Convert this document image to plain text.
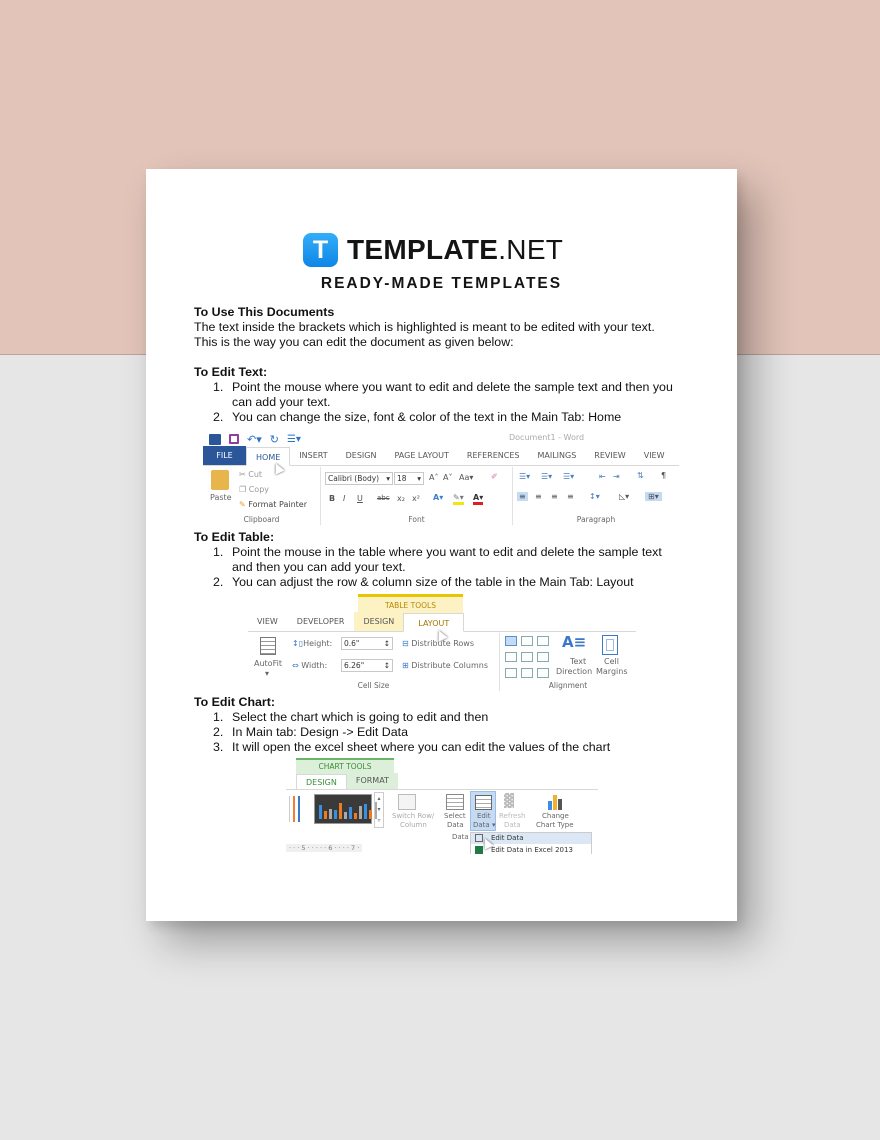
T TEMPLATE.NET
READY-MADE TEMPLATES
To Use This Documents
The text inside the brackets which is highlighted is meant to be edited with your text.
This is the way you can edit the document as given below:
To Edit Text:
1. Point the mouse where you want to edit and delete the sample text and then you
can add your text.
2. You can change the size, font & color of the text in the Main Tab: Home
↶▾ ↻ ☰▾	Document1 - Word
FILE	HOME	INSERT	DESIGN	PAGE LAYOUT	REFERENCES	MAILINGS	REVIEW	VIEW
Paste
✂ Cut
❐ Copy
✎ Format Painter
Clipboard
Calibri (Body) ▾ 18 ▾ A˄ A˅ Aa▾ ✐
B I U abc x₂ x² A▾ ✎▾ A▾
Font
☰▾ ☰▾ ☰▾	⇤ ⇥ ⇅ ¶
≡ ≡ ≡ ≡ ↕▾ ◺▾	⊞▾
Paragraph
To Edit Table:
1. Point the mouse in the table where you want to edit and delete the sample text
and then you can add your text.
2. You can adjust the row & column size of the table in the Main Tab: Layout
TABLE TOOLS
VIEW	DEVELOPER	DESIGN	LAYOUT
AutoFit
▾
↕▯Height:	0.6"	↕
⇔ Width:	6.26"	↕
⊟ Distribute Rows
⊞ Distribute Columns
Cell Size
A≡
Text
Direction
Cell
Margins
Alignment
To Edit Chart:
1. Select the chart which is going to edit and then
2. In Main tab: Design -> Edit Data
3. It will open the excel sheet where you can edit the values of the chart
CHART TOOLS
DESIGN	FORMAT
▴
▾
▿
Switch Row/
Column
Select
Data
Edit
Data ▾
▓
Refresh
Data
Change
Chart Type
Data	Edit Data
Edit Data in Excel 2013
· · · 5 · · · · · 6 · · · · 7 ·
